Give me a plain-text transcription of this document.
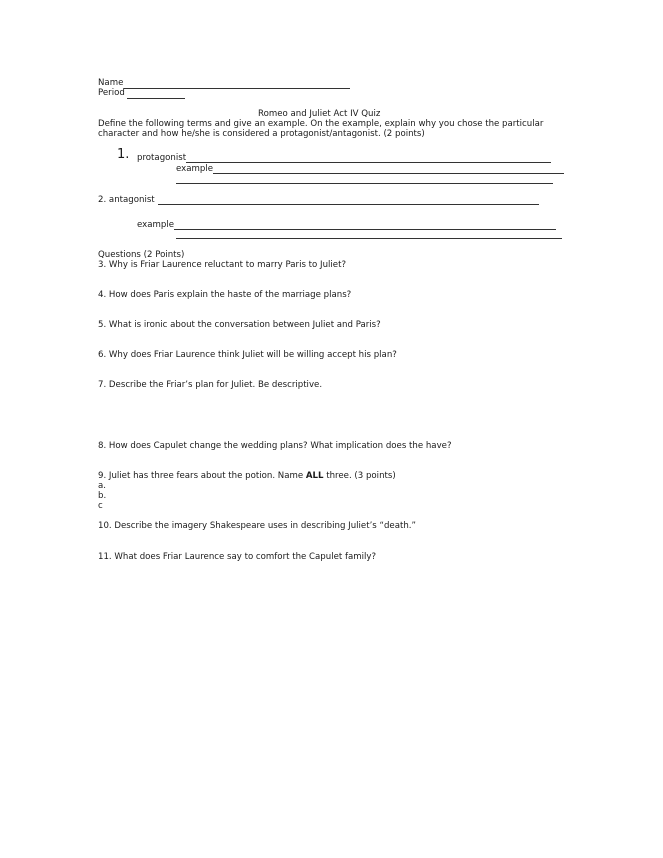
Name
Period
Romeo and Juliet Act IV Quiz
Define the following terms and give an example. On the example, explain why you chose the particular
character and how he/she is considered a protagonist/antagonist. (2 points)
1. protagonist
example
2. antagonist
example
Questions (2 Points)
3. Why is Friar Laurence reluctant to marry Paris to Juliet?
4. How does Paris explain the haste of the marriage plans?
5. What is ironic about the conversation between Juliet and Paris?
6. Why does Friar Laurence think Juliet will be willing accept his plan?
7. Describe the Friar’s plan for Juliet. Be descriptive.
8. How does Capulet change the wedding plans? What implication does the have?
9. Juliet has three fears about the potion. Name ALL three. (3 points)
a.
b.
c
10. Describe the imagery Shakespeare uses in describing Juliet’s “death.”
11. What does Friar Laurence say to comfort the Capulet family?
